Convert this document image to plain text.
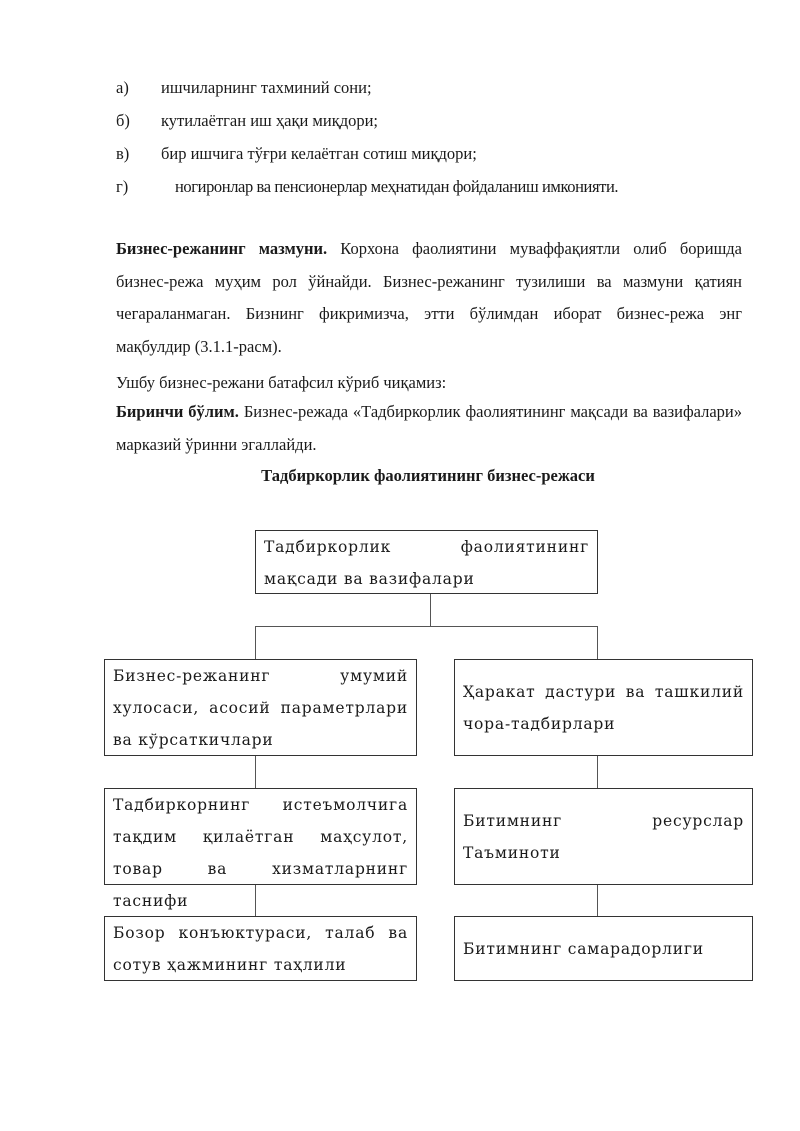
а) ишчиларнинг тахминий сони;
б) кутилаётган иш ҳақи миқдори;
в) бир ишчига тўғри келаётган сотиш миқдори;
г)	ногиронлар ва пенсионерлар меҳнатидан фойдаланиш имконияти.
Бизнес-режанинг мазмуни. Корхона фаолиятини муваффақиятли олиб боришда бизнес-режа муҳим рол ўйнайди. Бизнес-режанинг тузилиши ва мазмуни қатиян чегараланмаган. Бизнинг фикримизча, этти бўлимдан иборат бизнес-режа энг мақбулдир (3.1.1-расм).
Ушбу бизнес-режани батафсил кўриб чиқамиз:
Биринчи бўлим. Бизнес-режада «Тадбиркорлик фаолиятининг мақсади ва вазифалари» марказий ўринни эгаллайди.
Тадбиркорлик фаолиятининг бизнес-режаси
Тадбиркорлик фаолиятининг мақсади ва вазифалари
Бизнес-режанинг умумий хулосаси, асосий параметрлари ва кўрсаткичлари
Ҳаракат дастури ва ташкилий чора-тадбирлари
Тадбиркорнинг истеъмолчига тақдим қилаётган маҳсулот, товар ва хизматларнинг таснифи
Битимнинг ресурслар Таъминоти
Бозор конъюктураси, талаб ва сотув ҳажмининг таҳлили
Битимнинг самарадорлиги
